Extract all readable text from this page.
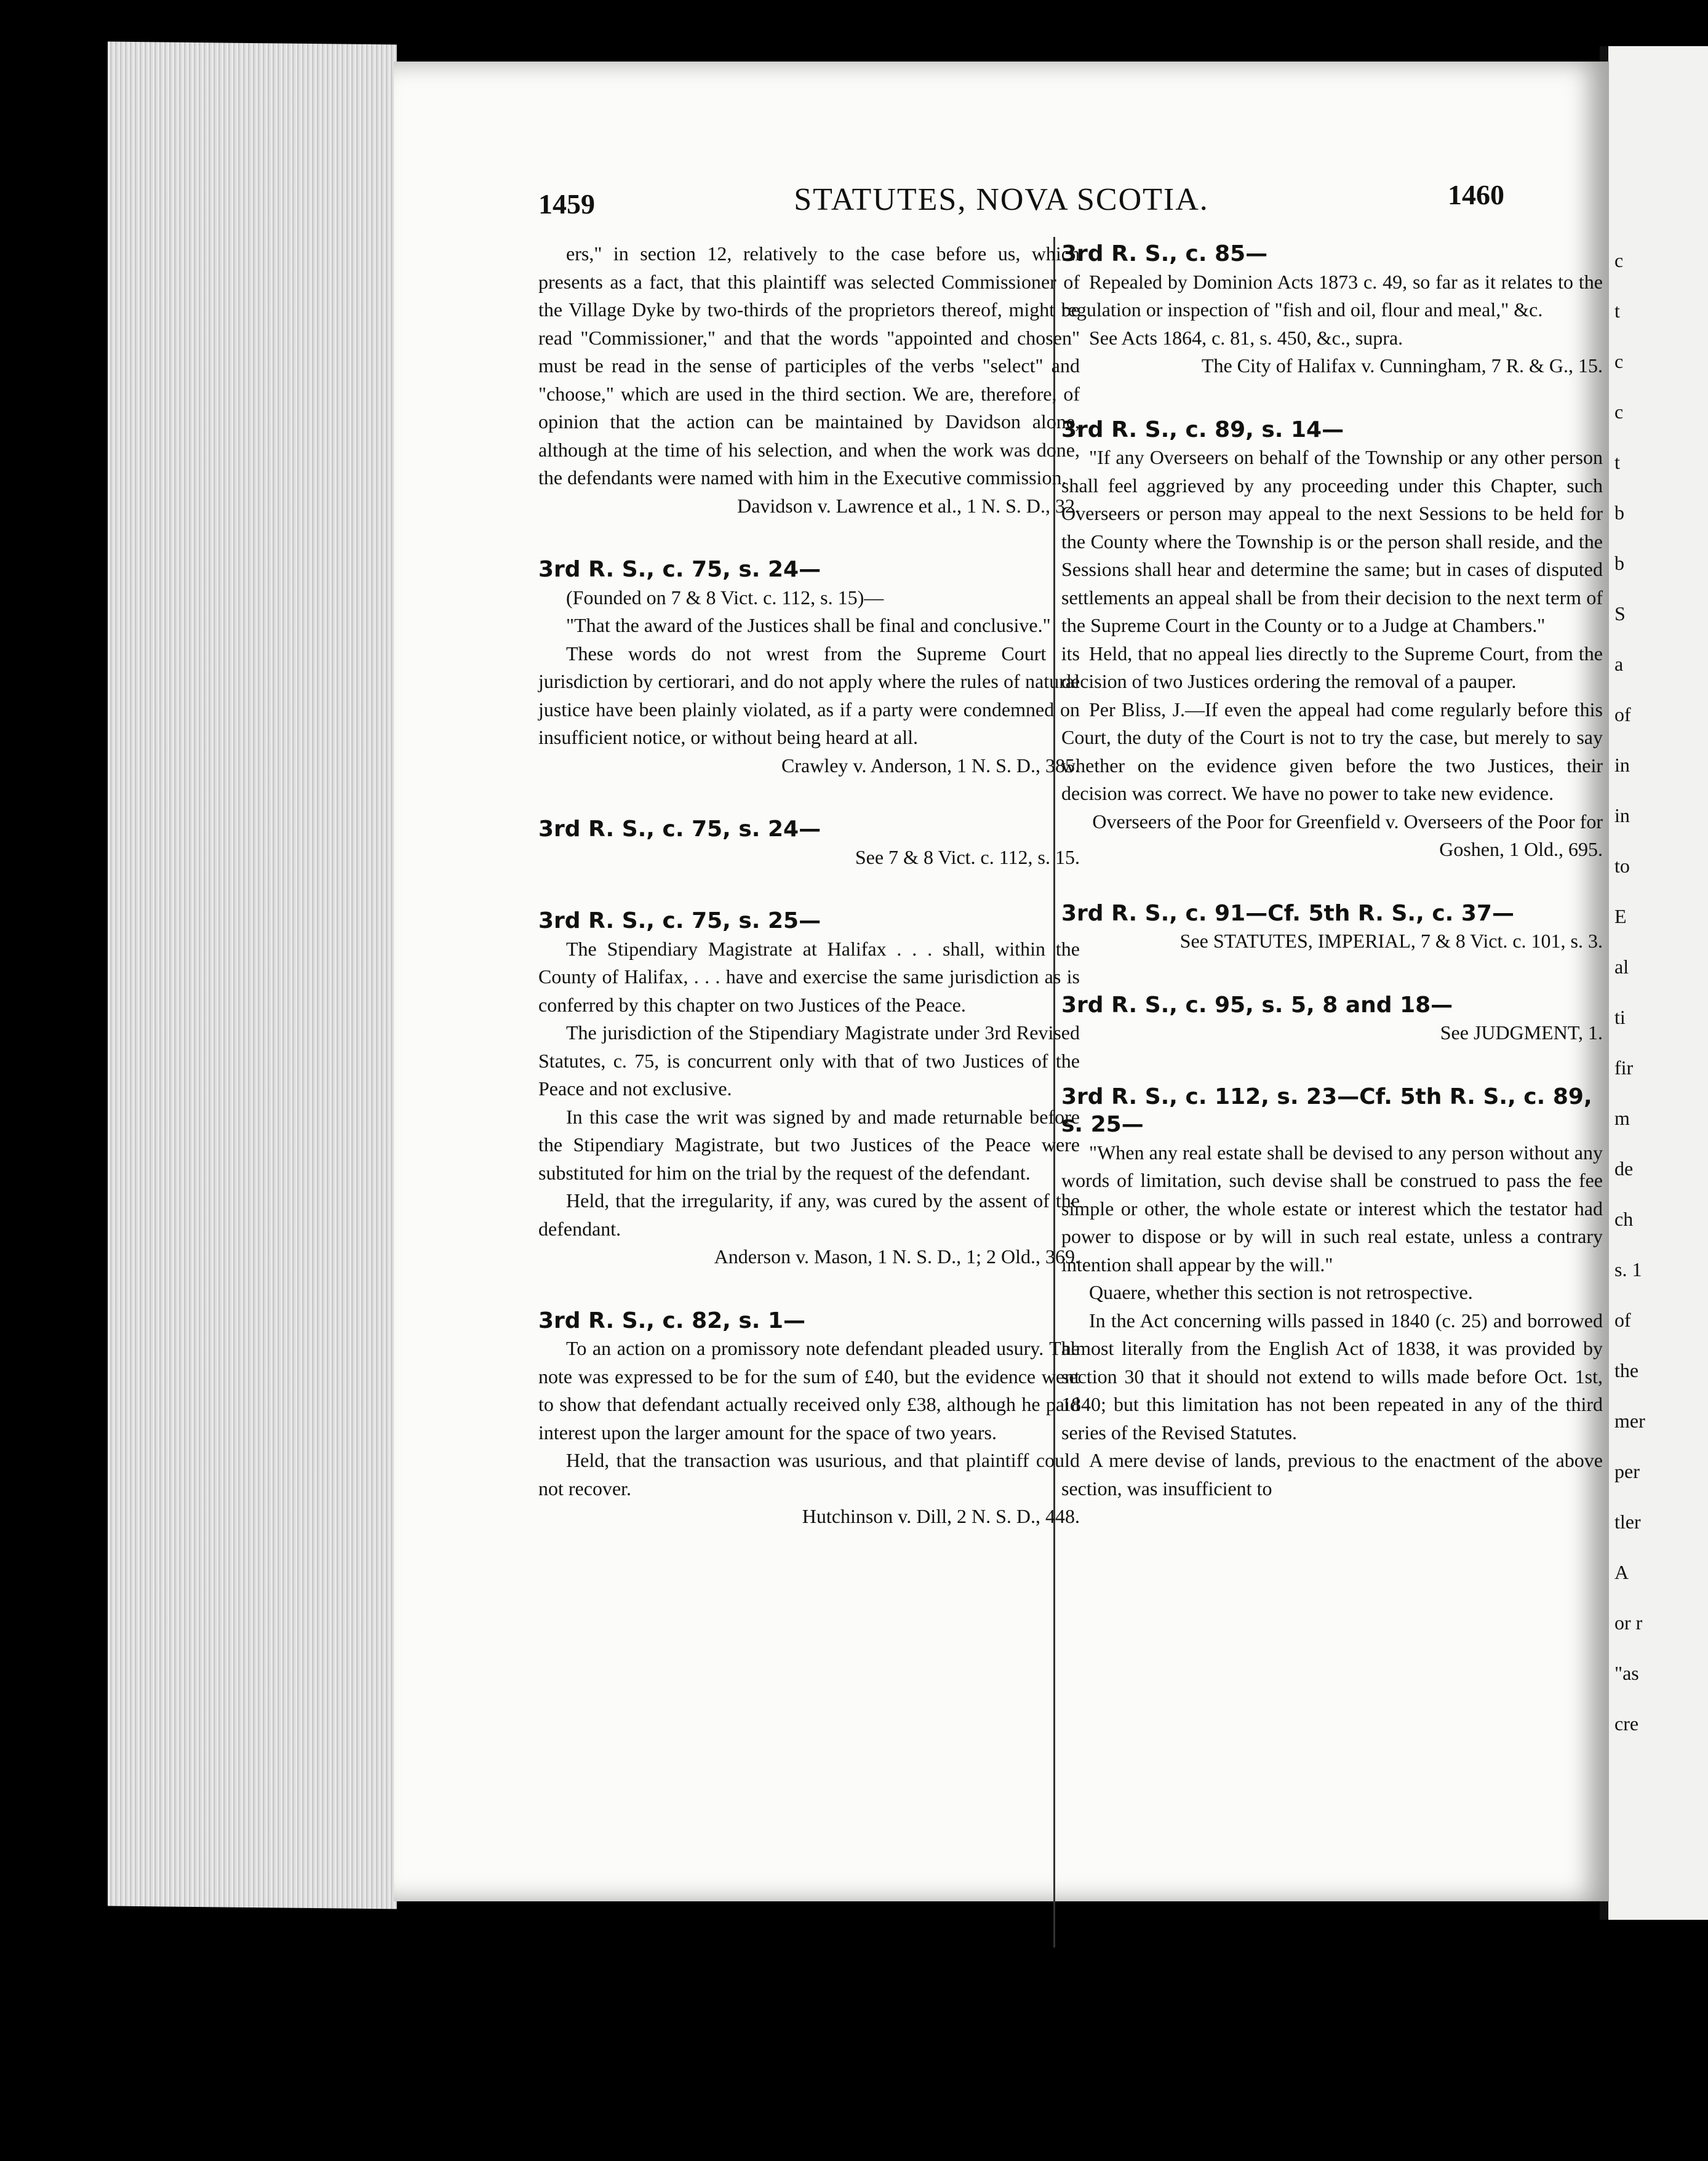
c
t
c
c
t
b
b
S
a
of
in
in
to
E
al
ti
fir
m
de
ch
s. 1
of
the
mer
per
tler
A
or r
"as
cre
1459	STATUTES, NOVA SCOTIA.	1460

ers," in section 12, relatively to the case before us, which presents as a fact, that this plaintiff was selected Commissioner of the Village Dyke by two-thirds of the proprietors thereof, might be read "Commissioner," and that the words "appointed and chosen" must be read in the sense of participles of the verbs "select" and "choose," which are used in the third section. We are, therefore, of opinion that the action can be maintained by Davidson alone, although at the time of his selection, and when the work was done, the defendants were named with him in the Executive commission.

Davidson v. Lawrence et al., 1 N. S. D., 32.

3rd R. S., c. 75, s. 24—

(Founded on 7 & 8 Vict. c. 112, s. 15)—

"That the award of the Justices shall be final and conclusive."

These words do not wrest from the Supreme Court its jurisdiction by certiorari, and do not apply where the rules of natural justice have been plainly violated, as if a party were condemned on insufficient notice, or without being heard at all.

Crawley v. Anderson, 1 N. S. D., 385.

3rd R. S., c. 75, s. 24—

See 7 & 8 Vict. c. 112, s. 15.

3rd R. S., c. 75, s. 25—

The Stipendiary Magistrate at Halifax . . . shall, within the County of Halifax, . . . have and exercise the same jurisdiction as is conferred by this chapter on two Justices of the Peace.

The jurisdiction of the Stipendiary Magistrate under 3rd Revised Statutes, c. 75, is concurrent only with that of two Justices of the Peace and not exclusive.

In this case the writ was signed by and made returnable before the Stipendiary Magistrate, but two Justices of the Peace were substituted for him on the trial by the request of the defendant.

Held, that the irregularity, if any, was cured by the assent of the defendant.

Anderson v. Mason, 1 N. S. D., 1; 2 Old., 369.

3rd R. S., c. 82, s. 1—

To an action on a promissory note defendant pleaded usury. The note was expressed to be for the sum of £40, but the evidence went to show that defendant actually received only £38, although he paid interest upon the larger amount for the space of two years.

Held, that the transaction was usurious, and that plaintiff could not recover.

Hutchinson v. Dill, 2 N. S. D., 448.

3rd R. S., c. 85—

Repealed by Dominion Acts 1873 c. 49, so far as it relates to the regulation or inspection of "fish and oil, flour and meal," &c.

See Acts 1864, c. 81, s. 450, &c., supra.

The City of Halifax v. Cunningham, 7 R. & G., 15.

3rd R. S., c. 89, s. 14—

"If any Overseers on behalf of the Township or any other person shall feel aggrieved by any proceeding under this Chapter, such Overseers or person may appeal to the next Sessions to be held for the County where the Township is or the person shall reside, and the Sessions shall hear and determine the same; but in cases of disputed settlements an appeal shall be from their decision to the next term of the Supreme Court in the County or to a Judge at Chambers."

Held, that no appeal lies directly to the Supreme Court, from the decision of two Justices ordering the removal of a pauper.

Per Bliss, J.—If even the appeal had come regularly before this Court, the duty of the Court is not to try the case, but merely to say whether on the evidence given before the two Justices, their decision was correct. We have no power to take new evidence.

Overseers of the Poor for Greenfield v. Overseers of the Poor for Goshen, 1 Old., 695.

3rd R. S., c. 91—Cf. 5th R. S., c. 37—

See STATUTES, IMPERIAL, 7 & 8 Vict. c. 101, s. 3.

3rd R. S., c. 95, s. 5, 8 and 18—

See JUDGMENT, 1.

3rd R. S., c. 112, s. 23—Cf. 5th R. S., c. 89, s. 25—

"When any real estate shall be devised to any person without any words of limitation, such devise shall be construed to pass the fee simple or other, the whole estate or interest which the testator had power to dispose or by will in such real estate, unless a contrary intention shall appear by the will."

Quaere, whether this section is not retrospective.

In the Act concerning wills passed in 1840 (c. 25) and borrowed almost literally from the English Act of 1838, it was provided by section 30 that it should not extend to wills made before Oct. 1st, 1840; but this limitation has not been repeated in any of the third series of the Revised Statutes.

A mere devise of lands, previous to the enactment of the above section, was insufficient to
